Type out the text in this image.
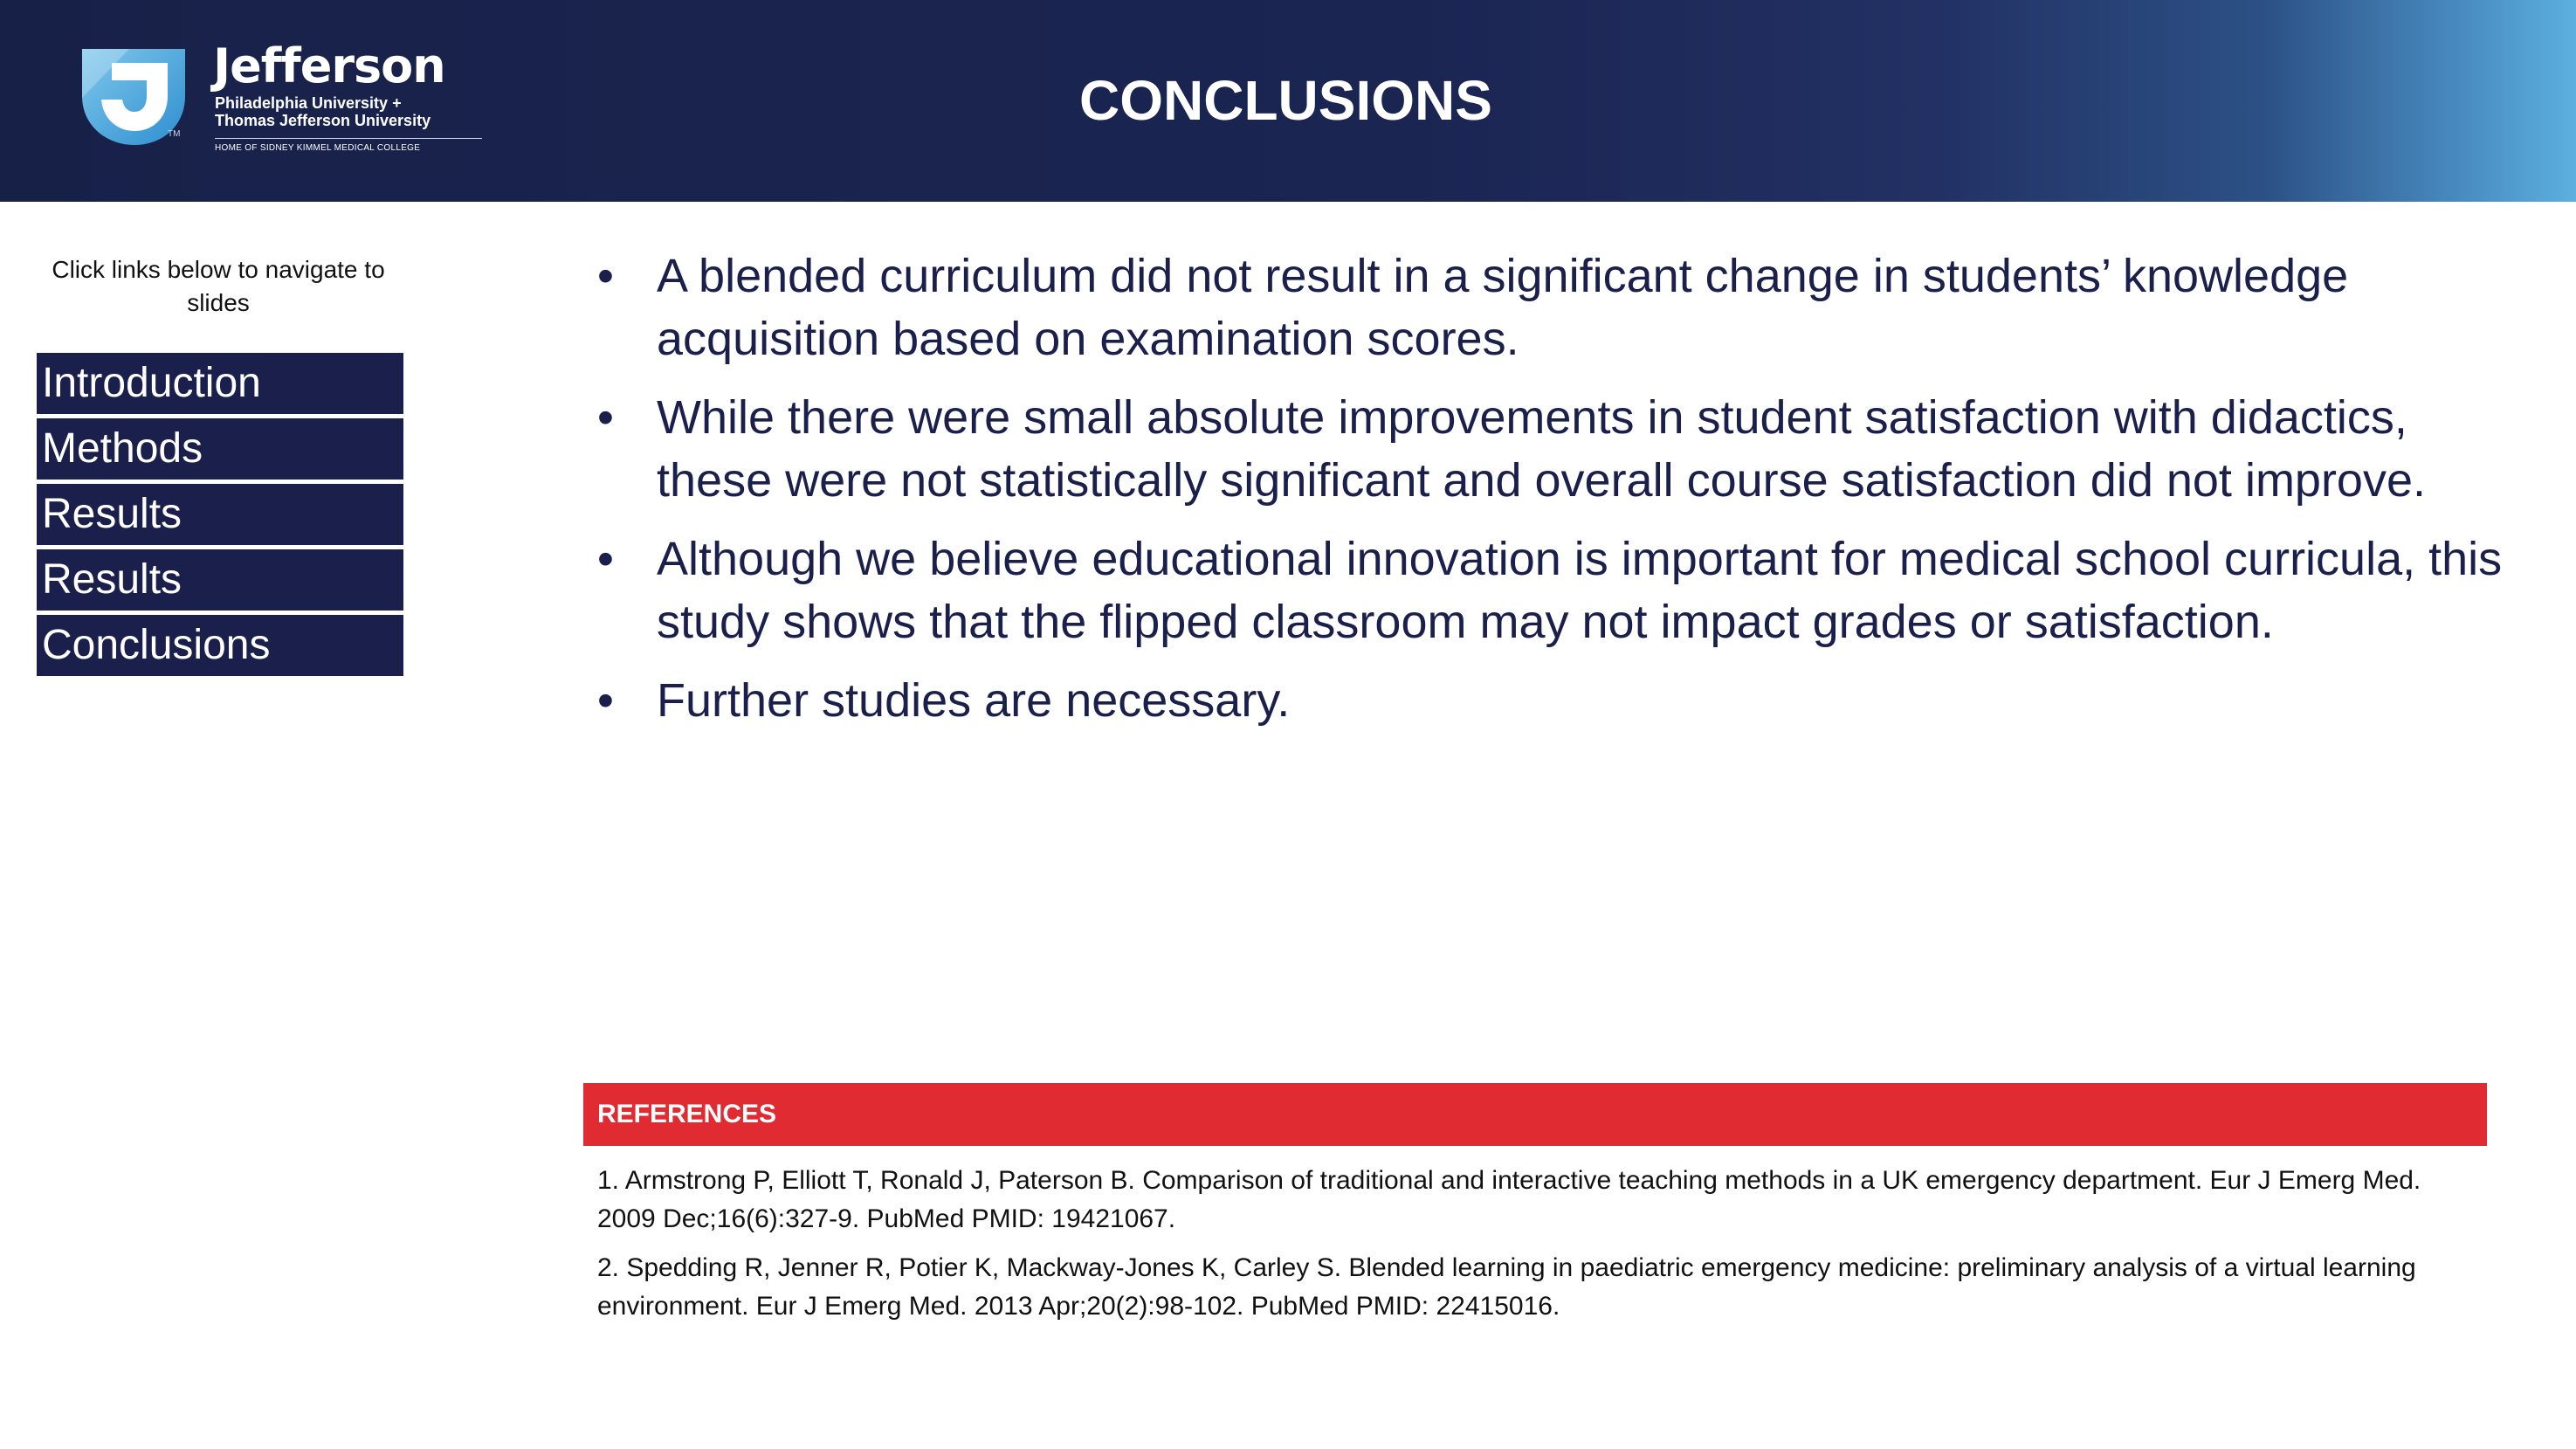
TM
Jefferson
Philadelphia University +
Thomas Jefferson University
HOME OF SIDNEY KIMMEL MEDICAL COLLEGE
CONCLUSIONS
Click links below to navigate to slides
Introduction
Methods
Results
Results
Conclusions
• A blended curriculum did not result in a significant change in students’ knowledge acquisition based on examination scores.
• While there were small absolute improvements in student satisfaction with didactics, these were not statistically significant and overall course satisfaction did not improve.
• Although we believe educational innovation is important for medical school curricula, this study shows that the flipped classroom may not impact grades or satisfaction.
• Further studies are necessary.
REFERENCES
1. Armstrong P, Elliott T, Ronald J, Paterson B. Comparison of traditional and interactive teaching methods in a UK emergency department. Eur J Emerg Med. 2009 Dec;16(6):327-9. PubMed PMID: 19421067.
2. Spedding R, Jenner R, Potier K, Mackway-Jones K, Carley S. Blended learning in paediatric emergency medicine: preliminary analysis of a virtual learning environment. Eur J Emerg Med. 2013 Apr;20(2):98-102. PubMed PMID: 22415016.
